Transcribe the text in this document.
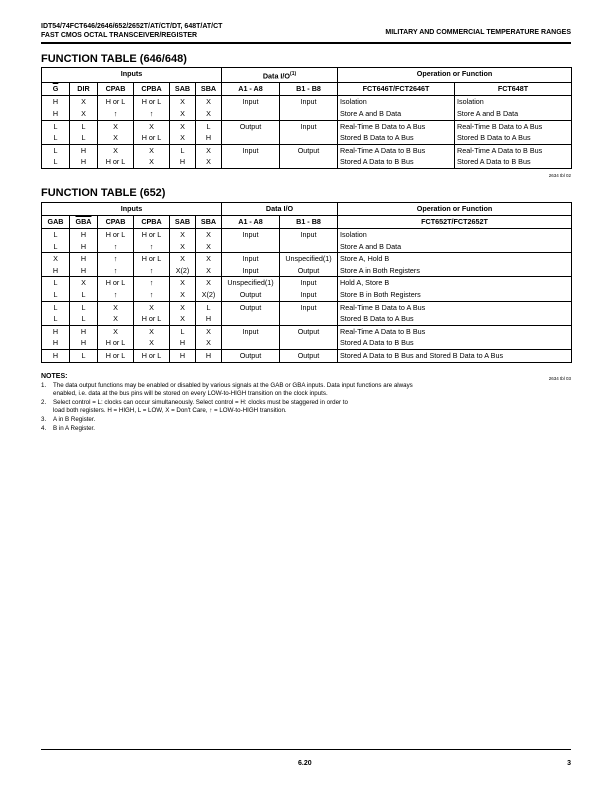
IDT54/74FCT646/2646/652/2652T/AT/CT/DT, 648T/AT/CT
FAST CMOS OCTAL TRANSCEIVER/REGISTER	MILITARY AND COMMERCIAL TEMPERATURE RANGES
FUNCTION TABLE (646/648)
Inputs						Data $I/O^{(1)}$		Operation or Function	
$\overline{G}$	DIR	CPAB	CPBA	SAB	SBA	A1 - A8	B1 - B8	FCT646T/FCT2646T	FCT648T
H	X	H or L	H or L	X	X	Input	Input	Isolation	Isolation
H	X	↑	↑	X	X			Store A and B Data	Store A and B Data
L	L	X	X	X	L	Output	Input	Real-Time B Data to A Bus	Real-Time B Data to A Bus
L	L	X	H or L	X	H			Stored B Data to A Bus	Stored B Data to A Bus
L	H	X	X	L	X	Input	Output	Real-Time A Data to B Bus	Real-Time A Data to B Bus
L	H	H or L	X	H	X			Stored A Data to B Bus	Stored A Data to B Bus
2634 tbl 02
FUNCTION TABLE (652)
Inputs						Data I/O		Operation or Function
GAB	$\overline{GBA}$	CPAB	CPBA	SAB	SBA	A1 - A8	B1 - B8	FCT652T/FCT2652T
L	H	H or L	H or L	X	X	Input	Input	Isolation
L	H	↑	↑	X	X			Store A and B Data
X	H	↑	H or L	X	X	Input	Unspecified(1)	Store A, Hold B
H	H	↑	↑	X(2)	X	Input	Output	Store A in Both Registers
L	X	H or L	↑	X	X	Unspecified(1)	Input	Hold A, Store B
L	L	↑	↑	X	X(2)	Output	Input	Store B in Both Registers
L	L	X	X	X	L	Output	Input	Real-Time B Data to A Bus
L	L	X	H or L	X	H			Stored B Data to A Bus
H	H	X	X	L	X	Input	Output	Real-Time A Data to B Bus
H	H	H or L	X	H	X			Stored A Data to B Bus
H	L	H or L	H or L	H	H	Output	Output	Stored A Data to B Bus and Stored B Data to A Bus
2634 tbl 03
NOTES:
1.	The data output functions may be enabled or disabled by various signals at the GAB or GBA inputs. Data input functions are always enabled, i.e. data at the bus pins will be stored on every LOW-to-HIGH transition on the clock inputs.
2.	Select control = L: clocks can occur simultaneously. Select control = H: clocks must be staggered in order to load both registers. H = HIGH, L = LOW, X = Don't Care, ↑ = LOW-to-HIGH transition.
3.	A in B Register.
4.	B in A Register.
6.20	3
